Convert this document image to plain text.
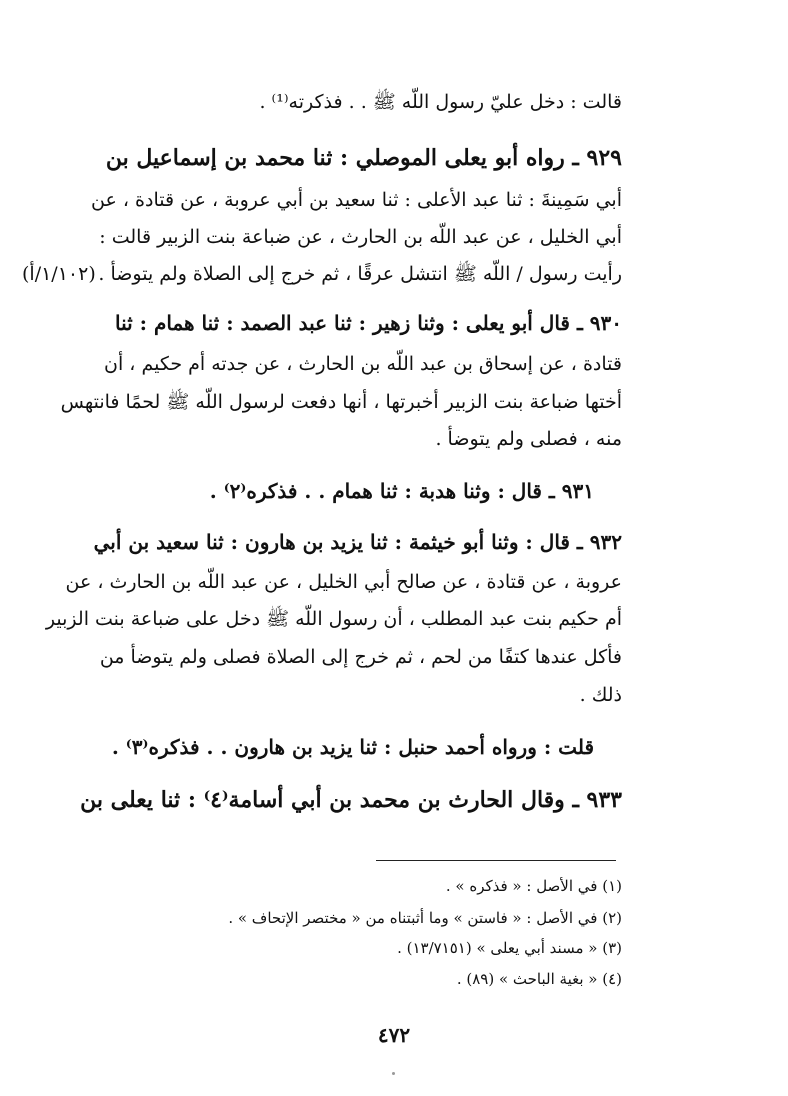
قالت : دخل عليّ رسول اللّه ﷺ . . فذكرته⁽¹⁾ .
٩٢٩ ـ رواه أبو يعلى الموصلي : ثنا محمد بن إسماعيل بن
أبي سَمِينةَ : ثنا عبد الأعلى : ثنا سعيد بن أبي عروبة ، عن قتادة ، عن
أبي الخليل ، عن عبد اللّه بن الحارث ، عن ضباعة بنت الزبير قالت :
رأيت رسول / اللّه ﷺ انتشل عرقًا ، ثم خرج إلى الصلاة ولم يتوضأ .
٩٣٠ ـ قال أبو يعلى : وثنا زهير : ثنا عبد الصمد : ثنا همام : ثنا
قتادة ، عن إسحاق بن عبد اللّه بن الحارث ، عن جدته أم حكيم ، أن
أختها ضباعة بنت الزبير أخبرتها ، أنها دفعت لرسول اللّه ﷺ لحمًا فانتهس
منه ، فصلى ولم يتوضأ .
٩٣١ ـ قال : وثنا هدبة : ثنا همام . . فذكره⁽٢⁾ .
٩٣٢ ـ قال : وثنا أبو خيثمة : ثنا يزيد بن هارون : ثنا سعيد بن أبي
عروبة ، عن قتادة ، عن صالح أبي الخليل ، عن عبد اللّه بن الحارث ، عن
أم حكيم بنت عبد المطلب ، أن رسول اللّه ﷺ دخل على ضباعة بنت الزبير
فأكل عندها كتفًا من لحم ، ثم خرج إلى الصلاة فصلى ولم يتوضأ من
ذلك .
قلت : ورواه أحمد حنبل : ثنا يزيد بن هارون . . فذكره⁽٣⁾ .
٩٣٣ ـ وقال الحارث بن محمد بن أبي أسامة⁽٤⁾ : ثنا يعلى بن
(١/١٠٢/أ)
(١) في الأصل : « فذكره » .
(٢) في الأصل : « فاستن » وما أثبتناه من « مختصر الإتحاف » .
(٣) « مسند أبي يعلى » (١٣/٧١٥١) .
(٤) « بغية الباحث » (٨٩) .
٤٧٢
